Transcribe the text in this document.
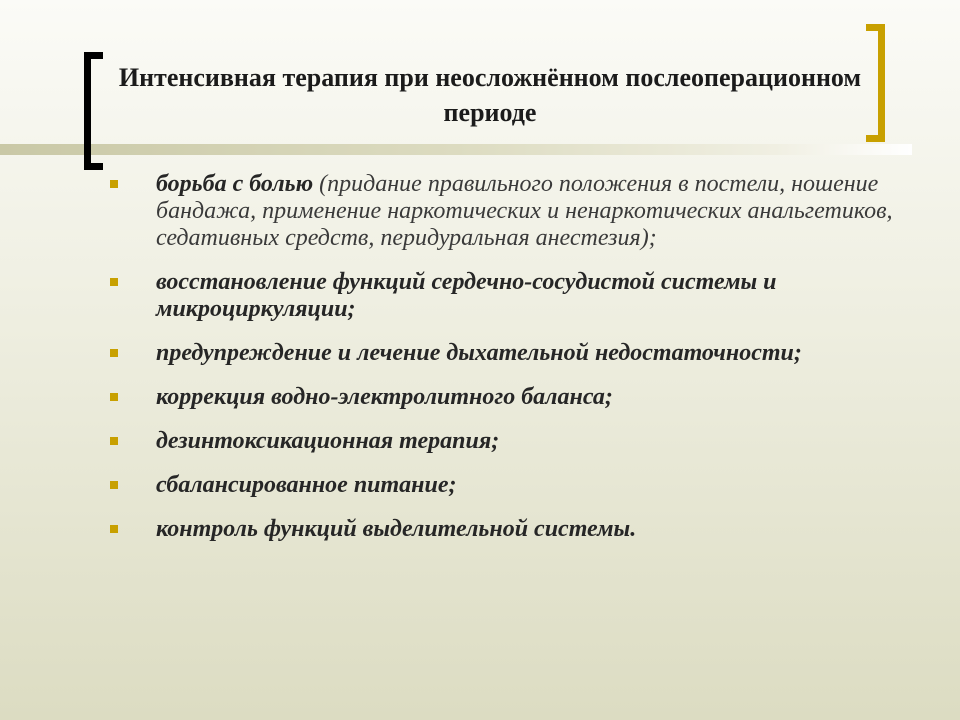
Интенсивная терапия при неосложнённом послеоперационном периоде
борьба с болью (придание правильного положения в постели, ношение бандажа, применение наркотических и ненаркотических анальгетиков, седативных средств, перидуральная анестезия);
восстановление функций сердечно-сосудистой системы и микроциркуляции;
предупреждение и лечение дыхательной недостаточности;
коррекция водно-электролитного баланса;
дезинтоксикационная терапия;
сбалансированное питание;
контроль функций выделительной системы.
